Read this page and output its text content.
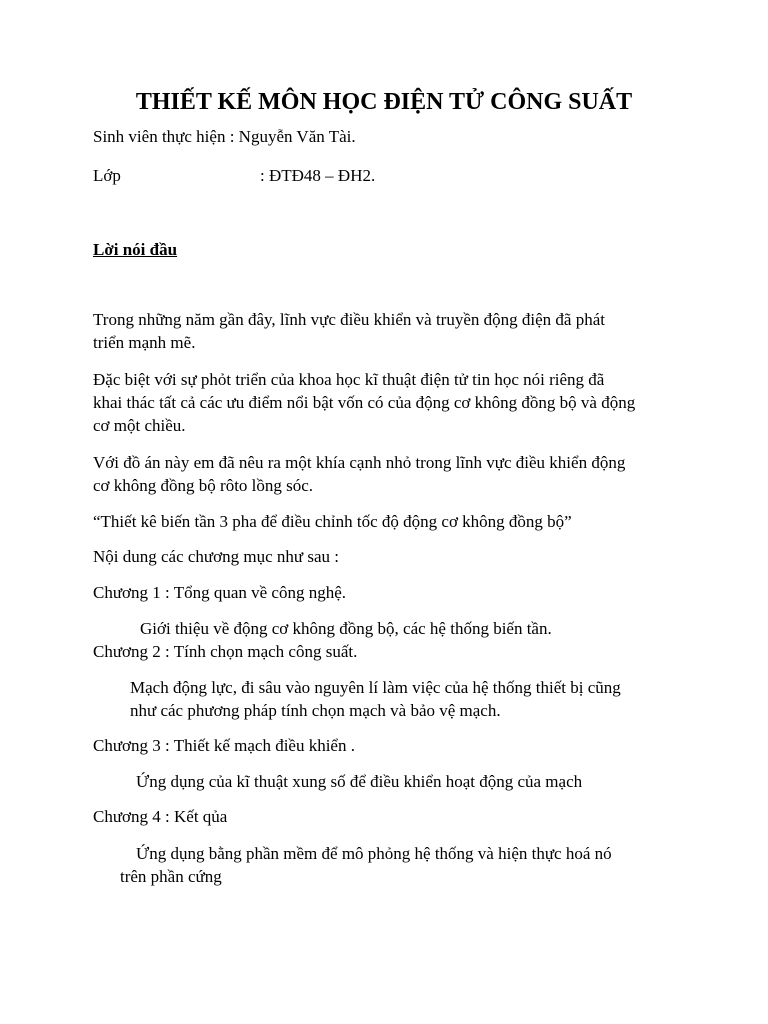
THIẾT KẾ MÔN HỌC ĐIỆN TỬ CÔNG SUẤT
Sinh viên thực hiện : Nguyễn Văn Tài.
Lớp	: ĐTĐ48 – ĐH2.
Lời nói đầu
Trong những năm gần đây, lĩnh vực điều khiển và truyền động điện đã phát
triển mạnh mẽ.
Đặc biệt với sự phỏt triển của khoa học kĩ thuật điện tử tin học nói riêng đã
khai thác tất cả các ưu điểm nổi bật vốn có của động cơ không đồng bộ và động
cơ một chiều.
Với đồ án này em đã nêu ra một khía cạnh nhỏ trong lĩnh vực điều khiển động
cơ không đồng bộ rôto lồng sóc.
“Thiết kê biến tần 3 pha để điều chỉnh tốc độ động cơ không đồng bộ”
Nội dung các chương mục như sau :
Chương 1 : Tổng quan về công nghệ.
Giới thiệu về động cơ không đồng bộ, các hệ thống biến tần.
Chương 2 : Tính chọn mạch công suất.
Mạch động lực, đi sâu vào nguyên lí làm việc của hệ thống thiết bị cũng
như các phương pháp tính chọn mạch và bảo vệ mạch.
Chương 3 : Thiết kế mạch điều khiển .
Ứng dụng của kĩ thuật xung số để điều khiển hoạt động của mạch
Chương 4 : Kết qủa
Ứng dụng bằng phần mềm để mô phỏng hệ thống và hiện thực hoá nó
trên phần cứng
